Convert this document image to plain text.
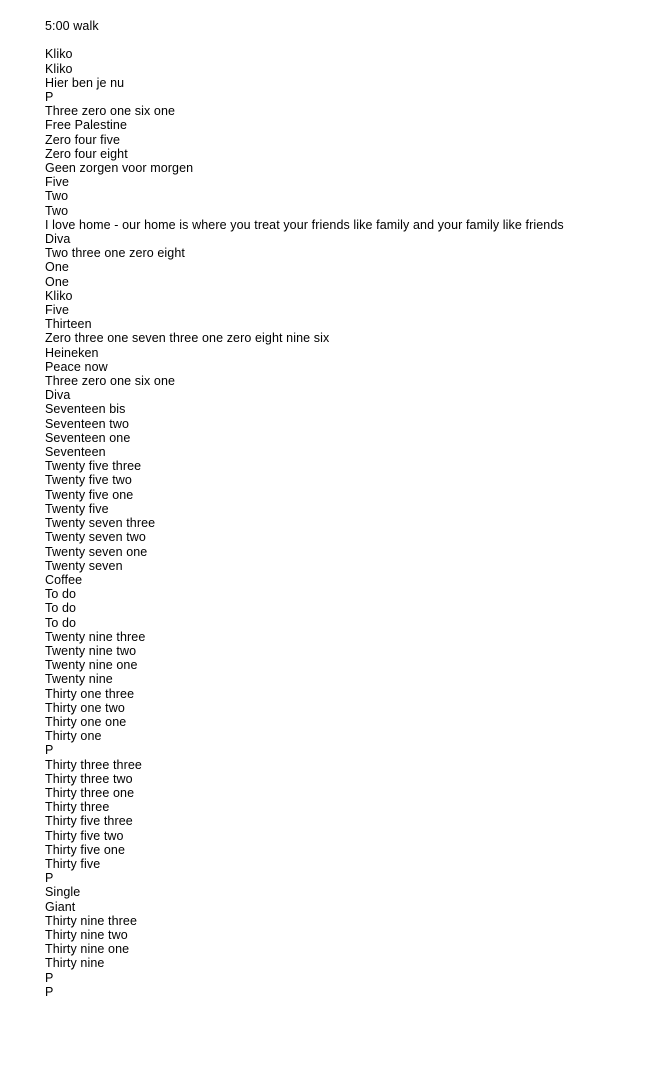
5:00 walk
Kliko
Kliko
Hier ben je nu
P
Three zero one six one
Free Palestine
Zero four five
Zero four eight
Geen zorgen voor morgen
Five
Two
Two
I love home - our home is where you treat your friends like family and your family like friends
Diva
Two three one zero eight
One
One
Kliko
Five
Thirteen
Zero three one seven three one zero eight nine six
Heineken
Peace now
Three zero one six one
Diva
Seventeen bis
Seventeen two
Seventeen one
Seventeen
Twenty five three
Twenty five two
Twenty five one
Twenty five
Twenty seven three
Twenty seven two
Twenty seven one
Twenty seven
Coffee
To do
To do
To do
Twenty nine three
Twenty nine two
Twenty nine one
Twenty nine
Thirty one three
Thirty one two
Thirty one one
Thirty one
P
Thirty three three
Thirty three two
Thirty three one
Thirty three
Thirty five three
Thirty five two
Thirty five one
Thirty five
P
Single
Giant
Thirty nine three
Thirty nine two
Thirty nine one
Thirty nine
P
P
